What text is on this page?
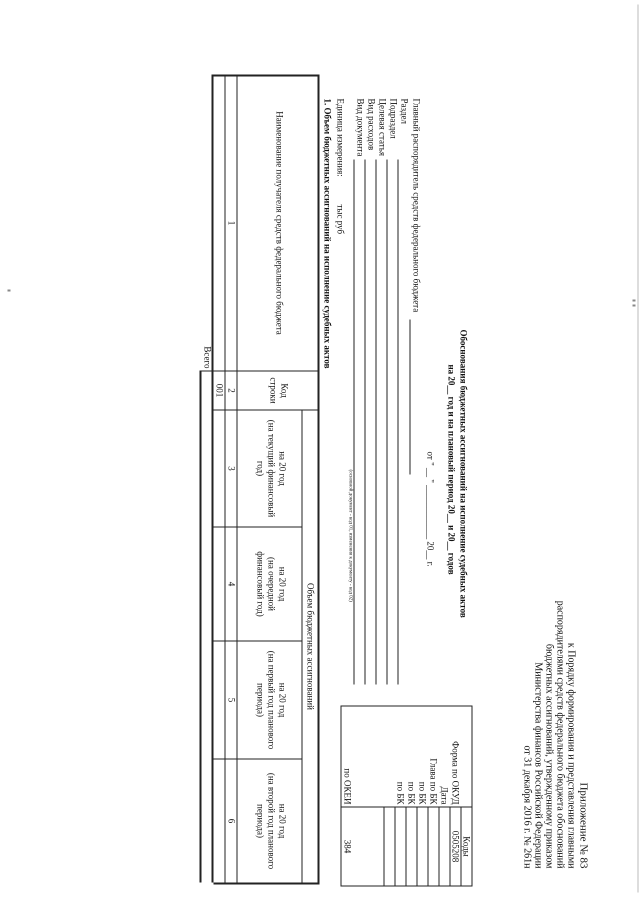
Приложение № 83
к Порядку формирования и представления главными
распорядителями средств федерального бюджета обоснований
бюджетных ассигнований, утвержденному приказом
Министерства финансов Российской Федерации
от 31 декабря 2016 г. № 261н
Обоснования бюджетных ассигнований на исполнение судебных актов
на 20__ год и на плановый период 20__ и 20__ годов
от " __ " ____________ 20__ г.
Коды
0505208
384
Форма по ОКУД
Дата
Глава по БК
по БК
по БК
по БК
по ОКЕИ
Главный распорядитель средств федерального бюджета
Раздел
Подраздел
Целевая статья
Вид расходов
Вид документа
(основной документ - код 01, изменения к документу - код 02)
Единица измерения:
тыс руб
1. Объем бюджетных ассигнований на исполнение судебных актов
Наименование получателя средств федерального бюджета
Код
строки
Объем бюджетных ассигнований
на 20 год
(на текущий финансовый
год)
на 20 год
(на очередной
финансовый год)
на 20 год
(на первый год планового
периода)
на 20 год
(на второй год планового
периода)
1
2
3
4
5
6
001
Всего
